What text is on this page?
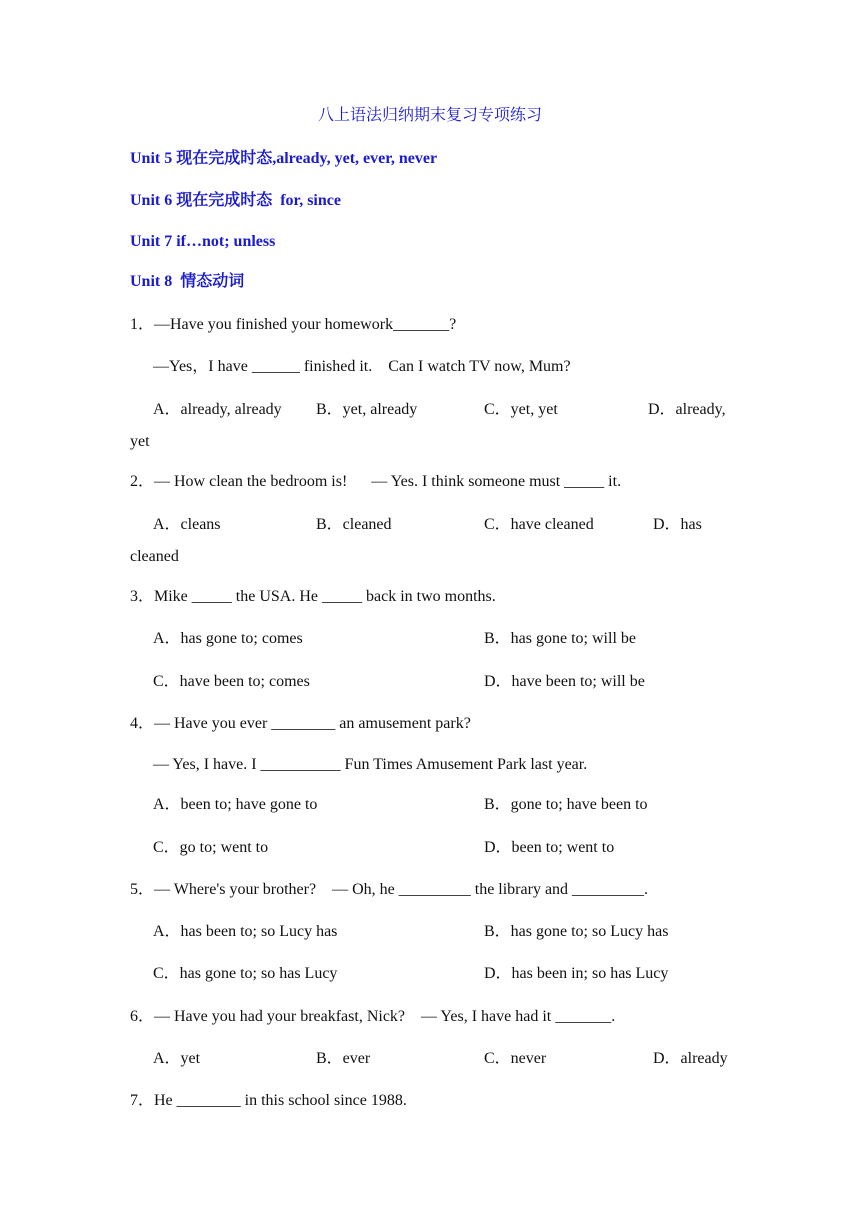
八上语法归纳期末复习专项练习
Unit 5 现在完成时态,already, yet, ever, never
Unit 6 现在完成时态  for, since
Unit 7 if…not; unless
Unit 8  情态动词
1．—Have you finished your homework_______?
—Yes，I have ______ finished it.    Can I watch TV now, Mum?
A．already, already B．yet, already	C．yet, yet	D．already,
yet
2．— How clean the bedroom is!      — Yes. I think someone must _____ it.
A．cleans	B．cleaned	C．have cleaned	D．has
cleaned
3．Mike _____ the USA. He _____ back in two months.
A．has gone to; comes	B．has gone to; will be
C．have been to; comes	D．have been to; will be
4．— Have you ever ________ an amusement park?
— Yes, I have. I __________ Fun Times Amusement Park last year.
A．been to; have gone to	B．gone to; have been to
C．go to; went to	D．been to; went to
5．— Where's your brother?    — Oh, he _________ the library and _________.
A．has been to; so Lucy has	B．has gone to; so Lucy has
C．has gone to; so has Lucy	D．has been in; so has Lucy
6．— Have you had your breakfast, Nick?    — Yes, I have had it _______.
A．yet	B．ever	C．never	D．already
7．He ________ in this school since 1988.
